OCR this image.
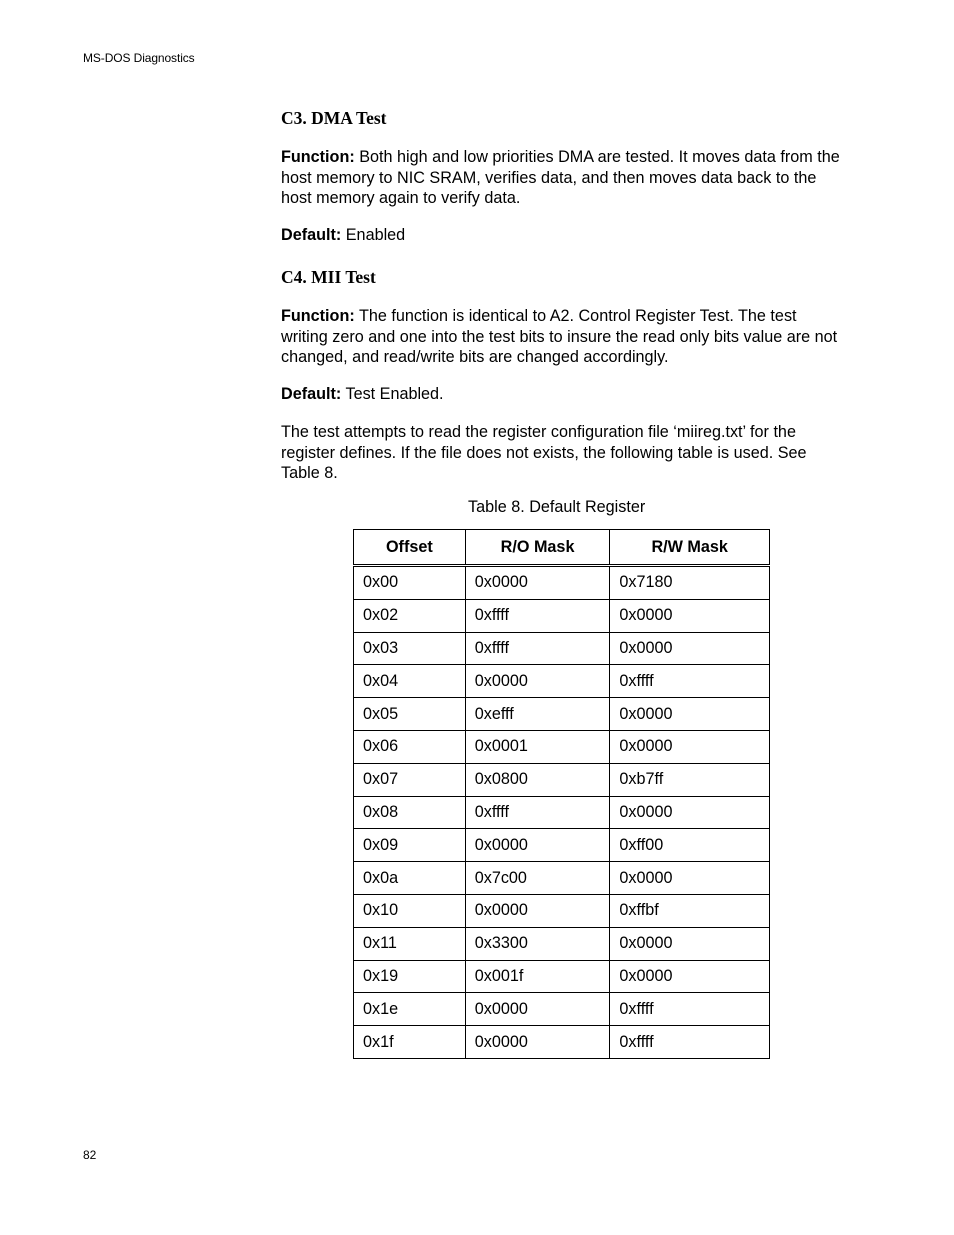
MS-DOS Diagnostics
C3. DMA Test

Function: Both high and low priorities DMA are tested. It moves data from the host memory to NIC SRAM, verifies data, and then moves data back to the host memory again to verify data.

Default: Enabled

C4. MII Test

Function: The function is identical to A2. Control Register Test. The test writing zero and one into the test bits to insure the read only bits value are not changed, and read/write bits are changed accordingly.

Default: Test Enabled.

The test attempts to read the register configuration file ‘miireg.txt’ for the register defines. If the file does not exists, the following table is used. See Table 8.

Table 8. Default Register
Offset	R/O Mask	R/W Mask
0x00	0x0000	0x7180
0x02	0xffff	0x0000
0x03	0xffff	0x0000
0x04	0x0000	0xffff
0x05	0xefff	0x0000
0x06	0x0001	0x0000
0x07	0x0800	0xb7ff
0x08	0xffff	0x0000
0x09	0x0000	0xff00
0x0a	0x7c00	0x0000
0x10	0x0000	0xffbf
0x11	0x3300	0x0000
0x19	0x001f	0x0000
0x1e	0x0000	0xffff
0x1f	0x0000	0xffff
82
